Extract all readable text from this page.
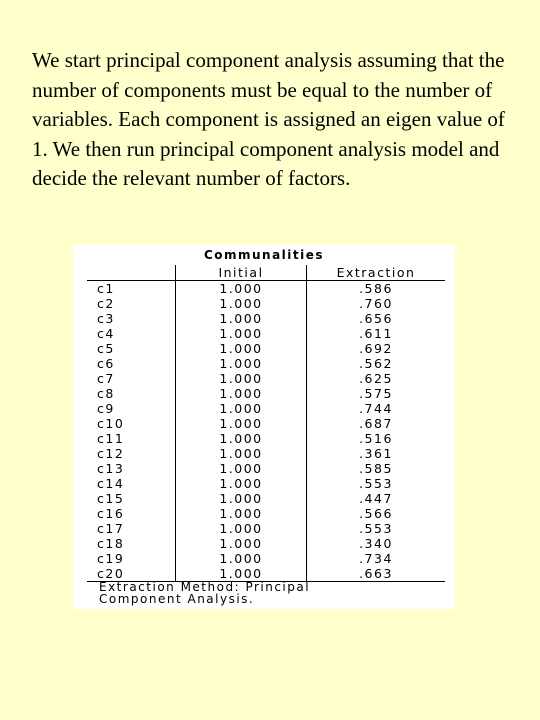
We start principal component analysis assuming that the number of components must be equal to the number of variables. Each component is assigned an eigen value of 1. We then run principal component analysis model and decide the relevant number of factors.

Communalities
	Initial	Extraction
c1	1.000	.586
c2	1.000	.760
c3	1.000	.656
c4	1.000	.611
c5	1.000	.692
c6	1.000	.562
c7	1.000	.625
c8	1.000	.575
c9	1.000	.744
c10	1.000	.687
c11	1.000	.516
c12	1.000	.361
c13	1.000	.585
c14	1.000	.553
c15	1.000	.447
c16	1.000	.566
c17	1.000	.553
c18	1.000	.340
c19	1.000	.734
c20	1.000	.663
Extraction Method: Principal
Component Analysis.
